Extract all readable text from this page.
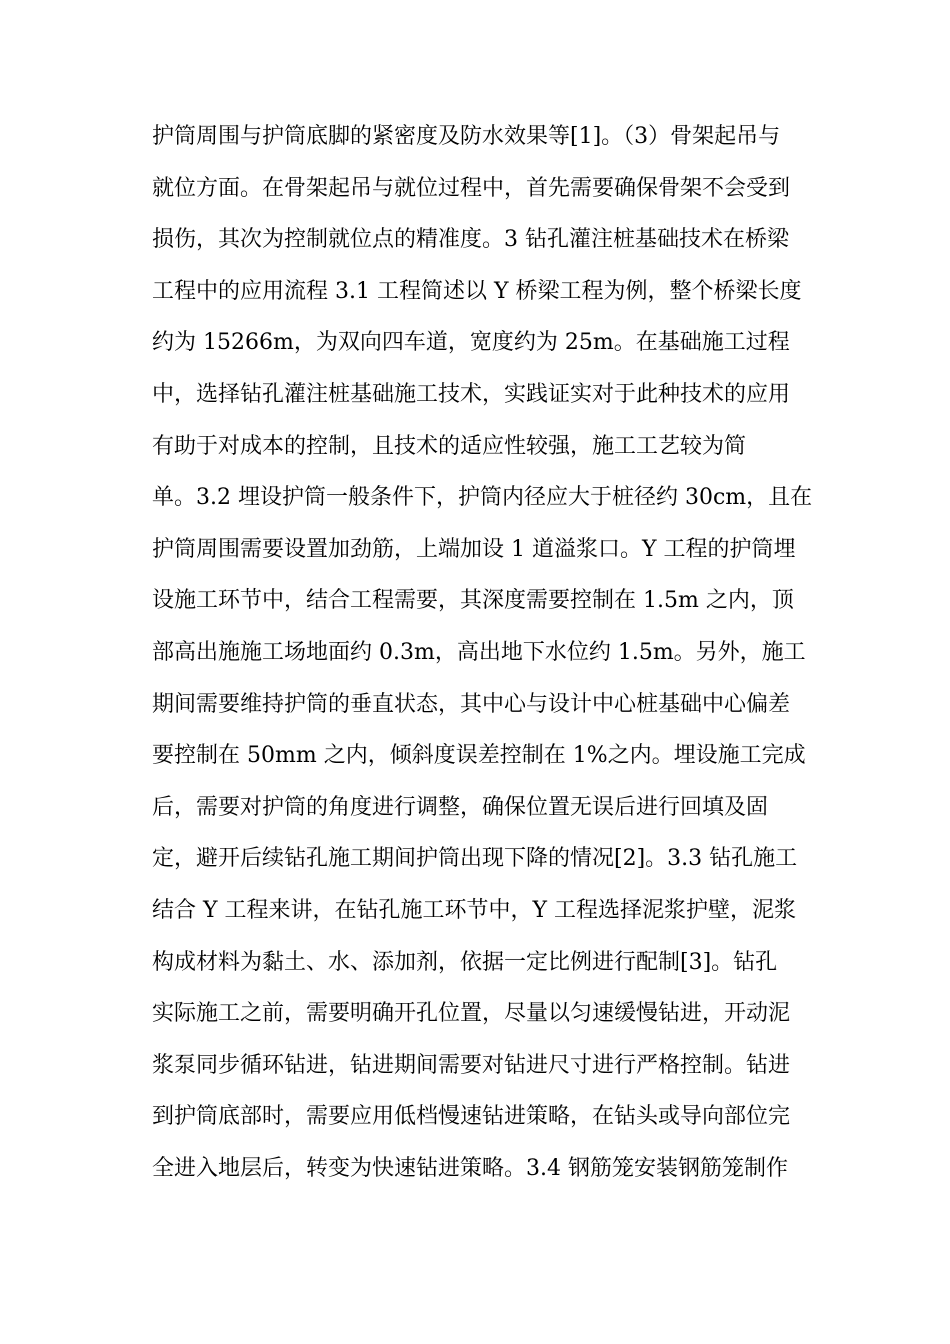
护筒周围与护筒底脚的紧密度及防水效果等[1]。（3）骨架起吊与
就位方面。在骨架起吊与就位过程中，首先需要确保骨架不会受到
损伤，其次为控制就位点的精准度。3 钻孔灌注桩基础技术在桥梁
工程中的应用流程 3.1 工程简述以 Y 桥梁工程为例，整个桥梁长度
约为 15266m，为双向四车道，宽度约为 25m。在基础施工过程
中，选择钻孔灌注桩基础施工技术，实践证实对于此种技术的应用
有助于对成本的控制，且技术的适应性较强，施工工艺较为简
单。3.2 埋设护筒一般条件下，护筒内径应大于桩径约 30cm，且在
护筒周围需要设置加劲筋，上端加设 1 道溢浆口。Y 工程的护筒埋
设施工环节中，结合工程需要，其深度需要控制在 1.5m 之内，顶
部高出施施工场地面约 0.3m，高出地下水位约 1.5m。另外，施工
期间需要维持护筒的垂直状态，其中心与设计中心桩基础中心偏差
要控制在 50mm 之内，倾斜度误差控制在 1%之内。埋设施工完成
后，需要对护筒的角度进行调整，确保位置无误后进行回填及固
定，避开后续钻孔施工期间护筒出现下降的情况[2]。3.3 钻孔施工
结合 Y 工程来讲，在钻孔施工环节中，Y 工程选择泥浆护壁，泥浆
构成材料为黏土、水、添加剂，依据一定比例进行配制[3]。钻孔
实际施工之前，需要明确开孔位置，尽量以匀速缓慢钻进，开动泥
浆泵同步循环钻进，钻进期间需要对钻进尺寸进行严格控制。钻进
到护筒底部时，需要应用低档慢速钻进策略，在钻头或导向部位完
全进入地层后，转变为快速钻进策略。3.4 钢筋笼安装钢筋笼制作
